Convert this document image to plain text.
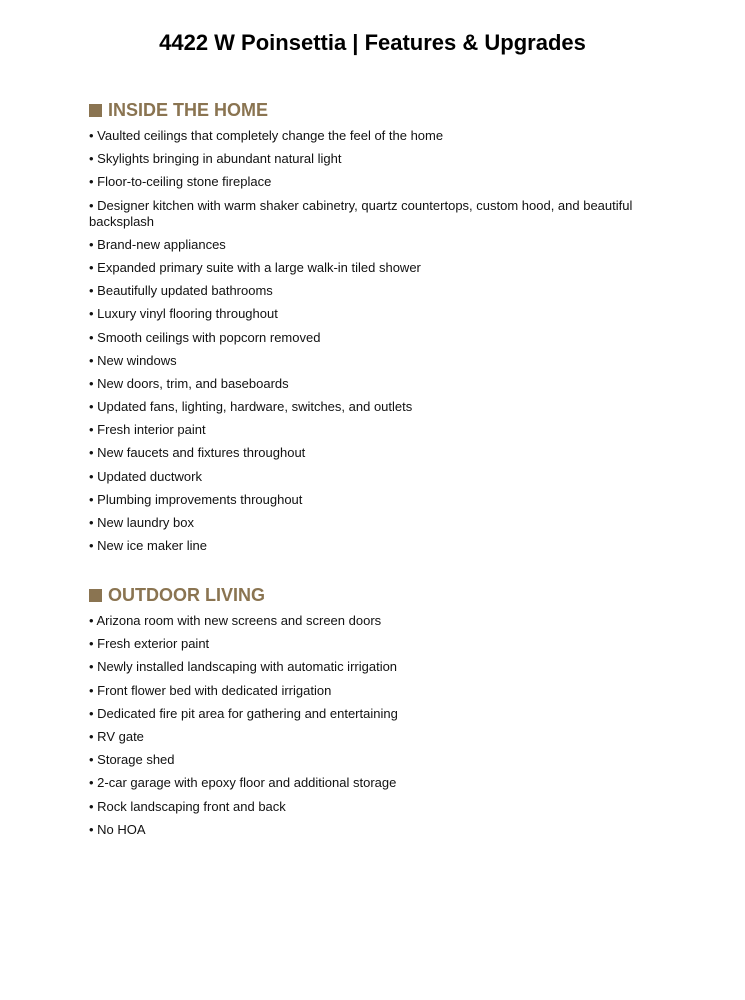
4422 W Poinsettia | Features & Upgrades
INSIDE THE HOME
• Vaulted ceilings that completely change the feel of the home
• Skylights bringing in abundant natural light
• Floor-to-ceiling stone fireplace
• Designer kitchen with warm shaker cabinetry, quartz countertops, custom hood, and beautiful backsplash
• Brand-new appliances
• Expanded primary suite with a large walk-in tiled shower
• Beautifully updated bathrooms
• Luxury vinyl flooring throughout
• Smooth ceilings with popcorn removed
• New windows
• New doors, trim, and baseboards
• Updated fans, lighting, hardware, switches, and outlets
• Fresh interior paint
• New faucets and fixtures throughout
• Updated ductwork
• Plumbing improvements throughout
• New laundry box
• New ice maker line
OUTDOOR LIVING
• Arizona room with new screens and screen doors
• Fresh exterior paint
• Newly installed landscaping with automatic irrigation
• Front flower bed with dedicated irrigation
• Dedicated fire pit area for gathering and entertaining
• RV gate
• Storage shed
• 2-car garage with epoxy floor and additional storage
• Rock landscaping front and back
• No HOA
